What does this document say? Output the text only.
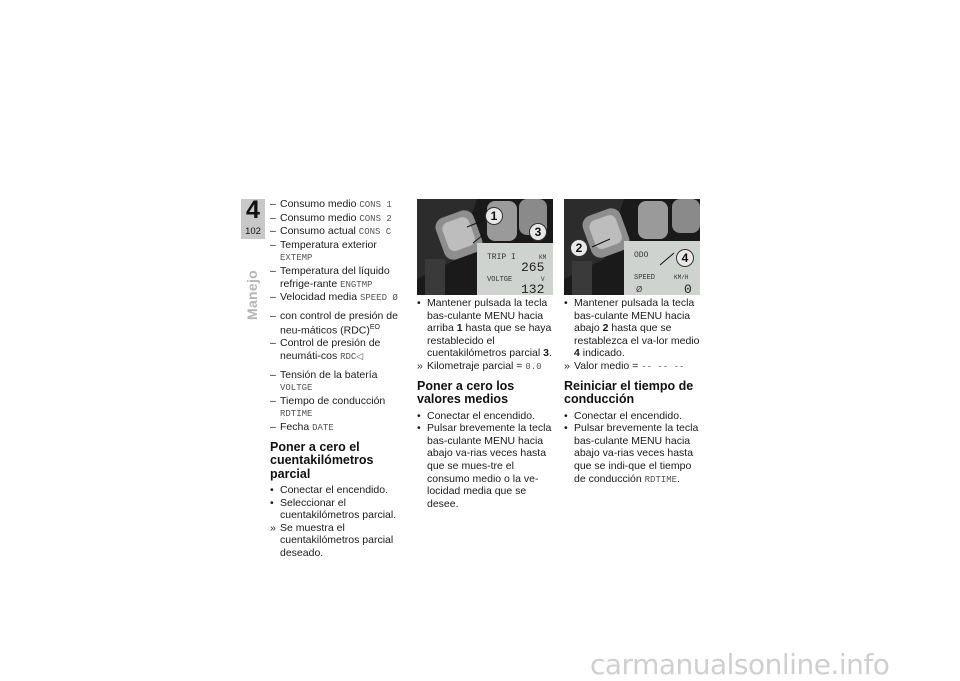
4
102
Manejo

– Consumo medio CONS 1

– Consumo medio CONS 2

– Consumo actual CONS C

– Temperatura exterior EXTEMP

– Temperatura del líquido refrige-rante ENGTMP

– Velocidad media SPEED Ø

– con control de presión de neu-máticos (RDC)$^{EO}$

– Control de presión de neumáti-cos RDC◁

– Tensión de la batería VOLTGE

– Tiempo de conducción RDTIME

– Fecha DATE

Poner a cero el cuentakilómetros parcial

• Conectar el encendido.

• Seleccionar el cuentakilómetros parcial.

» Se muestra el cuentakilómetros parcial deseado.

TRIP I	KM
265
VOLTGE	V
132
1
3
ODO
SPEED	KM/H
0
Ø
2
4

• Mantener pulsada la tecla bas-culante MENU hacia arriba 1 hasta que se haya restablecido el cuentakilómetros parcial 3.

» Kilometraje parcial = 0.0

Poner a cero los valores medios

• Conectar el encendido.

• Pulsar brevemente la tecla bas-culante MENU hacia abajo va-rias veces hasta que se mues-tre el consumo medio o la ve-locidad media que se desee.

• Mantener pulsada la tecla bas-culante MENU hacia abajo 2 hasta que se restablezca el va-lor medio 4 indicado.

» Valor medio = -- -- --

Reiniciar el tiempo de conducción

• Conectar el encendido.

• Pulsar brevemente la tecla bas-culante MENU hacia abajo va-rias veces hasta que se indi-que el tiempo de conducción RDTIME.

carmanualsonline.info
